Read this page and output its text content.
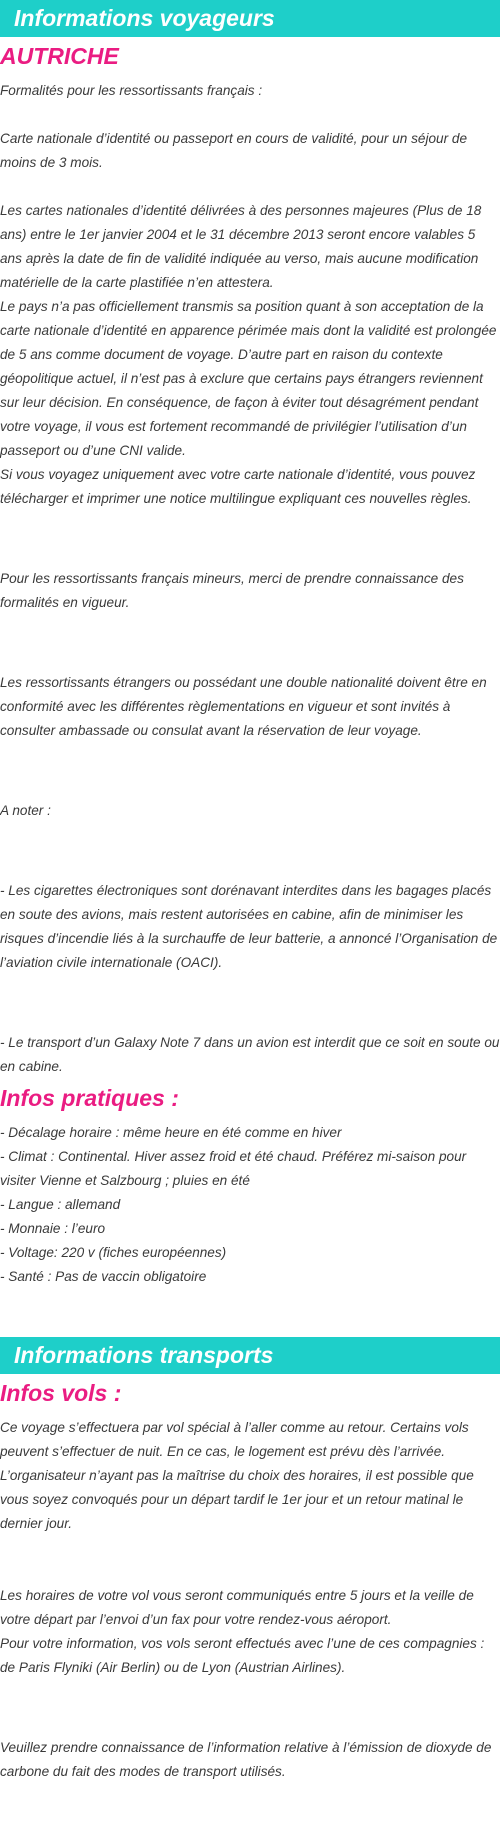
Informations voyageurs
AUTRICHE

Formalités pour les ressortissants français :

Carte nationale d’identité ou passeport en cours de validité, pour un séjour de moins de 3 mois.

Les cartes nationales d’identité délivrées à des personnes majeures (Plus de 18 ans) entre le 1er janvier 2004 et le 31 décembre 2013 seront encore valables 5 ans après la date de fin de validité indiquée au verso, mais aucune modification matérielle de la carte plastifiée n’en attestera.

Le pays n’a pas officiellement transmis sa position quant à son acceptation de la carte nationale d’identité en apparence périmée mais dont la validité est prolongée de 5 ans comme document de voyage. D’autre part en raison du contexte géopolitique actuel, il n’est pas à exclure que certains pays étrangers reviennent sur leur décision. En conséquence, de façon à éviter tout désagrément pendant votre voyage, il vous est fortement recommandé de privilégier l’utilisation d’un passeport ou d’une CNI valide.

Si vous voyagez uniquement avec votre carte nationale d’identité, vous pouvez télécharger et imprimer une notice multilingue expliquant ces nouvelles règles.

Pour les ressortissants français mineurs, merci de prendre connaissance des formalités en vigueur.

Les ressortissants étrangers ou possédant une double nationalité doivent être en conformité avec les différentes règlementations en vigueur et sont invités à consulter ambassade ou consulat avant la réservation de leur voyage.

A noter :

- Les cigarettes électroniques sont dorénavant interdites dans les bagages placés en soute des avions, mais restent autorisées en cabine, afin de minimiser les risques d’incendie liés à la surchauffe de leur batterie, a annoncé l’Organisation de l’aviation civile internationale (OACI).

- Le transport d’un Galaxy Note 7 dans un avion est interdit que ce soit en soute ou en cabine.

Infos pratiques :
- Décalage horaire : même heure en été comme en hiver
- Climat : Continental. Hiver assez froid et été chaud. Préférez mi-saison pour visiter Vienne et Salzbourg ; pluies en été
- Langue : allemand
- Monnaie : l’euro
- Voltage: 220 v (fiches européennes)
- Santé : Pas de vaccin obligatoire
Informations transports
Infos vols :

Ce voyage s’effectuera par vol spécial à l’aller comme au retour. Certains vols peuvent s’effectuer de nuit. En ce cas, le logement est prévu dès l’arrivée. L’organisateur n’ayant pas la maîtrise du choix des horaires, il est possible que vous soyez convoqués pour un départ tardif le 1er jour et un retour matinal le dernier jour.

Les horaires de votre vol vous seront communiqués entre 5 jours et la veille de votre départ par l’envoi d’un fax pour votre rendez-vous aéroport.

Pour votre information, vos vols seront effectués avec l’une de ces compagnies : de Paris Flyniki (Air Berlin) ou de Lyon (Austrian Airlines).

Veuillez prendre connaissance de l’information relative à l’émission de dioxyde de carbone du fait des modes de transport utilisés.
